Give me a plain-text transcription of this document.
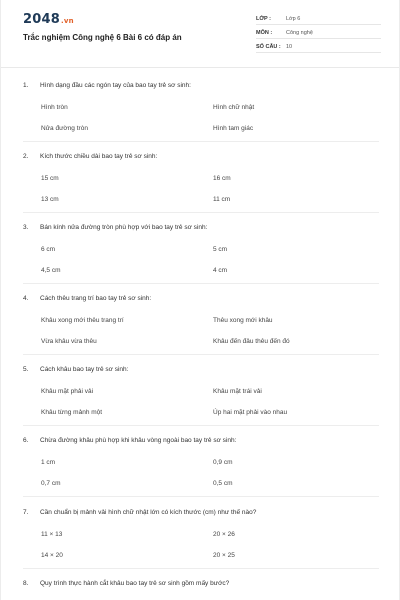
2048.vn
Trắc nghiệm Công nghệ 6 Bài 6 có đáp án
LỚP :	Lớp 6
MÔN :	Công nghệ
SỐ CÂU : 10
1. Hình dạng đầu các ngón tay của bao tay trẻ sơ sinh:
Hình tròn	Hình chữ nhật
Nửa đường tròn	Hình tam giác
2. Kích thước chiều dài bao tay trẻ sơ sinh:
15 cm	16 cm
13 cm	11 cm
3. Bán kính nửa đường tròn phù hợp với bao tay trẻ sơ sinh:
6 cm	5 cm
4,5 cm	4 cm
4. Cách thêu trang trí bao tay trẻ sơ sinh:
Khâu xong mới thêu trang trí	Thêu xong mới khâu
Vừa khâu vừa thêu	Khâu đến đâu thêu đến đó
5. Cách khâu bao tay trẻ sơ sinh:
Khâu mặt phải vải	Khâu mặt trái vải
Khâu từng mảnh một	Úp hai mặt phải vào nhau
6. Chừa đường khâu phù hợp khi khâu vòng ngoài bao tay trẻ sơ sinh:
1 cm	0,9 cm
0,7 cm	0,5 cm
7. Cần chuẩn bị mảnh vải hình chữ nhật lớn có kích thước (cm) như thế nào?
11 × 13	20 × 26
14 × 20	20 × 25
8. Quy trình thực hành cắt khâu bao tay trẻ sơ sinh gồm mấy bước?
